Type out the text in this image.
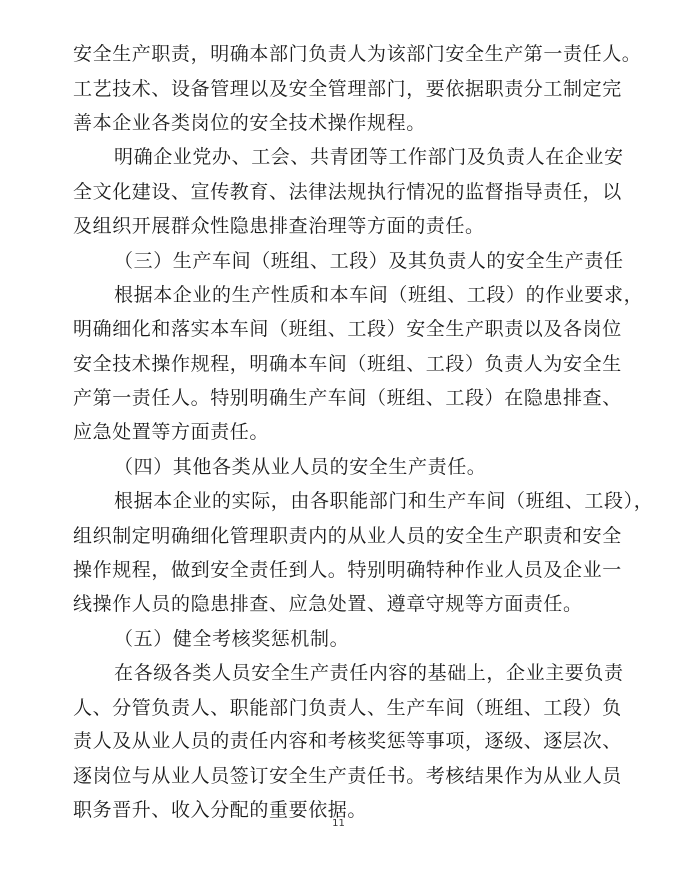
安全生产职责，明确本部门负责人为该部门安全生产第一责任人。
工艺技术、设备管理以及安全管理部门，要依据职责分工制定完
善本企业各类岗位的安全技术操作规程。
明确企业党办、工会、共青团等工作部门及负责人在企业安
全文化建设、宣传教育、法律法规执行情况的监督指导责任，以
及组织开展群众性隐患排查治理等方面的责任。
（三）生产车间（班组、工段）及其负责人的安全生产责任
根据本企业的生产性质和本车间（班组、工段）的作业要求，
明确细化和落实本车间（班组、工段）安全生产职责以及各岗位
安全技术操作规程，明确本车间（班组、工段）负责人为安全生
产第一责任人。特别明确生产车间（班组、工段）在隐患排查、
应急处置等方面责任。
（四）其他各类从业人员的安全生产责任。
根据本企业的实际，由各职能部门和生产车间（班组、工段），
组织制定明确细化管理职责内的从业人员的安全生产职责和安全
操作规程，做到安全责任到人。特别明确特种作业人员及企业一
线操作人员的隐患排查、应急处置、遵章守规等方面责任。
（五）健全考核奖惩机制。
在各级各类人员安全生产责任内容的基础上，企业主要负责
人、分管负责人、职能部门负责人、生产车间（班组、工段）负
责人及从业人员的责任内容和考核奖惩等事项，逐级、逐层次、
逐岗位与从业人员签订安全生产责任书。考核结果作为从业人员
职务晋升、收入分配的重要依据。
11
